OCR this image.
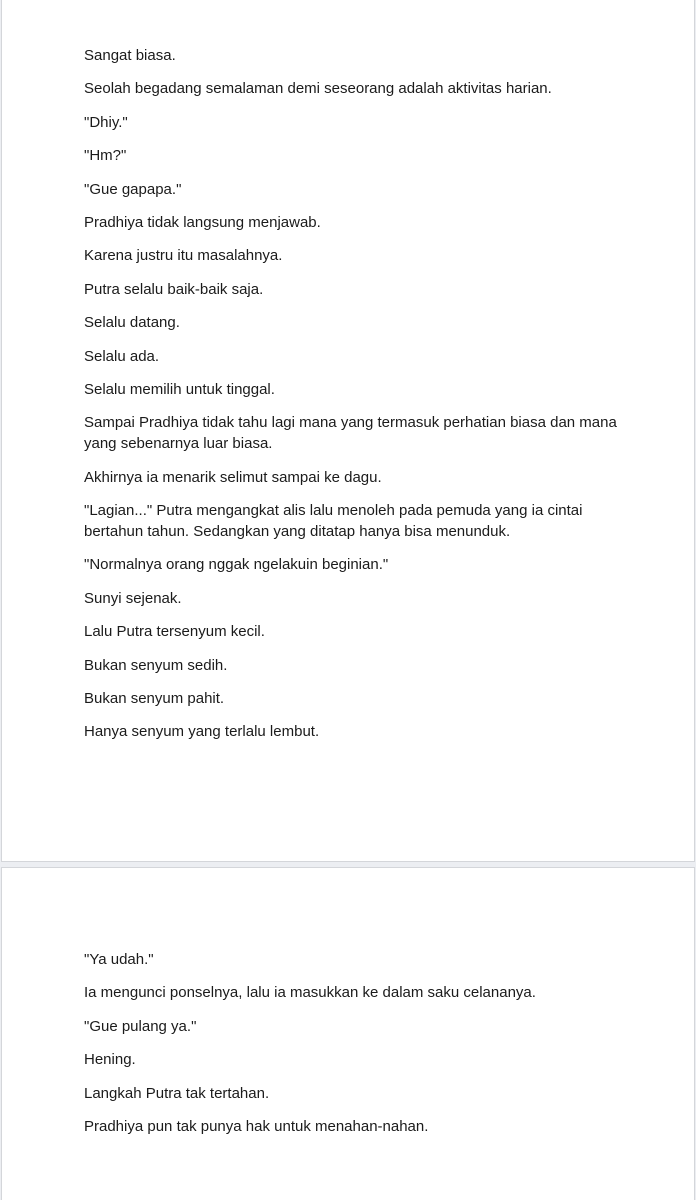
Sangat biasa.

Seolah begadang semalaman demi seseorang adalah aktivitas harian.

"Dhiy."

"Hm?"

"Gue gapapa."

Pradhiya tidak langsung menjawab.

Karena justru itu masalahnya.

Putra selalu baik-baik saja.

Selalu datang.

Selalu ada.

Selalu memilih untuk tinggal.

Sampai Pradhiya tidak tahu lagi mana yang termasuk perhatian biasa dan mana yang sebenarnya luar biasa.

Akhirnya ia menarik selimut sampai ke dagu.

"Lagian..." Putra mengangkat alis lalu menoleh pada pemuda yang ia cintai bertahun tahun. Sedangkan yang ditatap hanya bisa menunduk.

"Normalnya orang nggak ngelakuin beginian."

Sunyi sejenak.

Lalu Putra tersenyum kecil.

Bukan senyum sedih.

Bukan senyum pahit.

Hanya senyum yang terlalu lembut.

"Ya udah."

Ia mengunci ponselnya, lalu ia masukkan ke dalam saku celananya.

"Gue pulang ya."

Hening.

Langkah Putra tak tertahan.

Pradhiya pun tak punya hak untuk menahan-nahan.
